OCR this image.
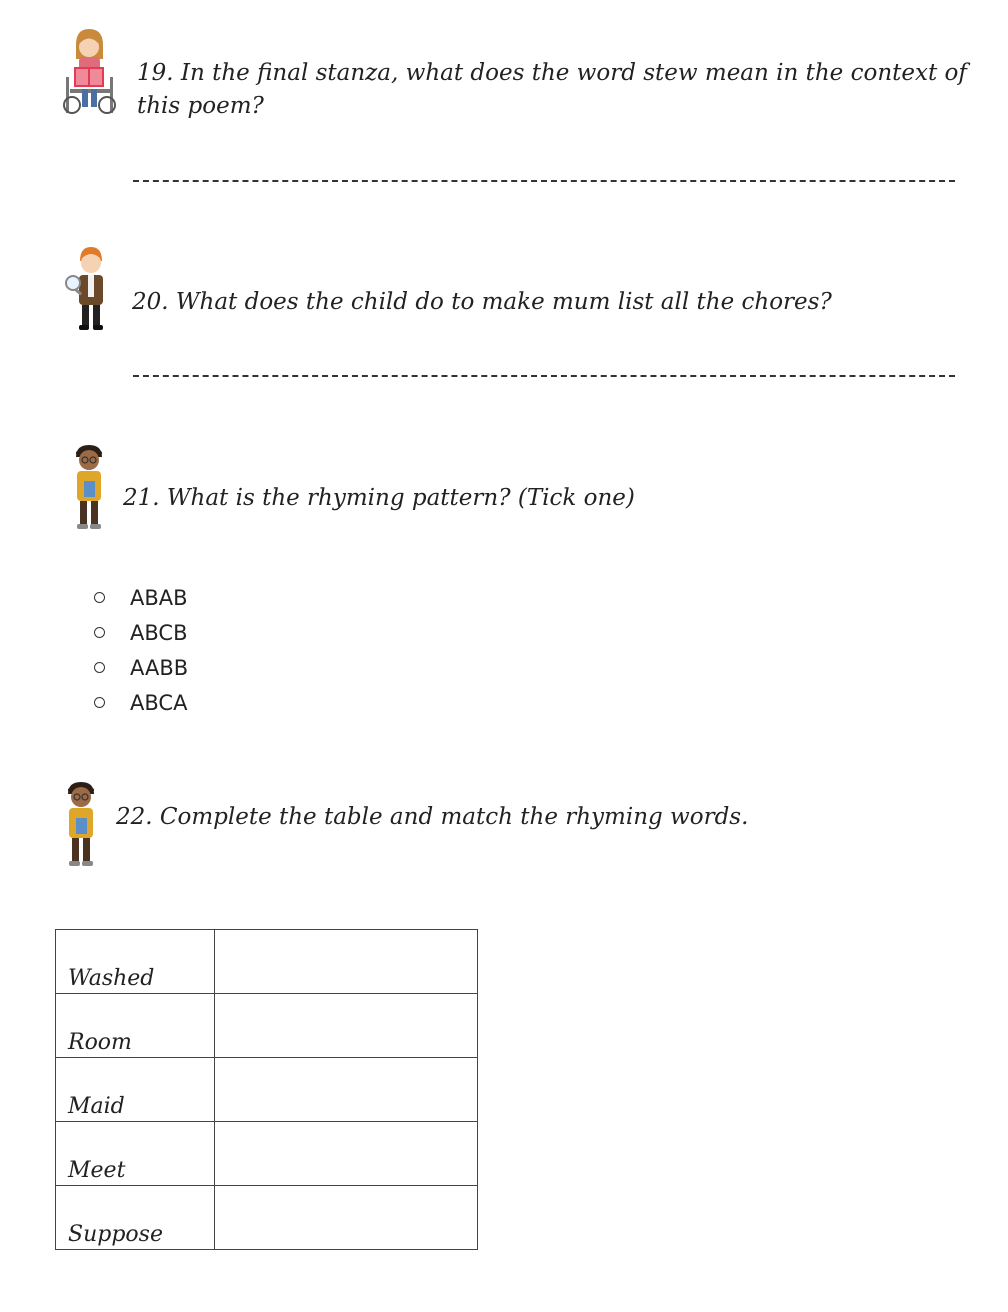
19. In the final stanza, what does the word stew mean in the context of this poem?
20. What does the child do to make mum list all the chores?
21. What is the rhyming pattern? (Tick one)
ABAB
ABCB
AABB
ABCA
22. Complete the table and match the rhyming words.
Washed	
Room	
Maid	
Meet	
Suppose	
